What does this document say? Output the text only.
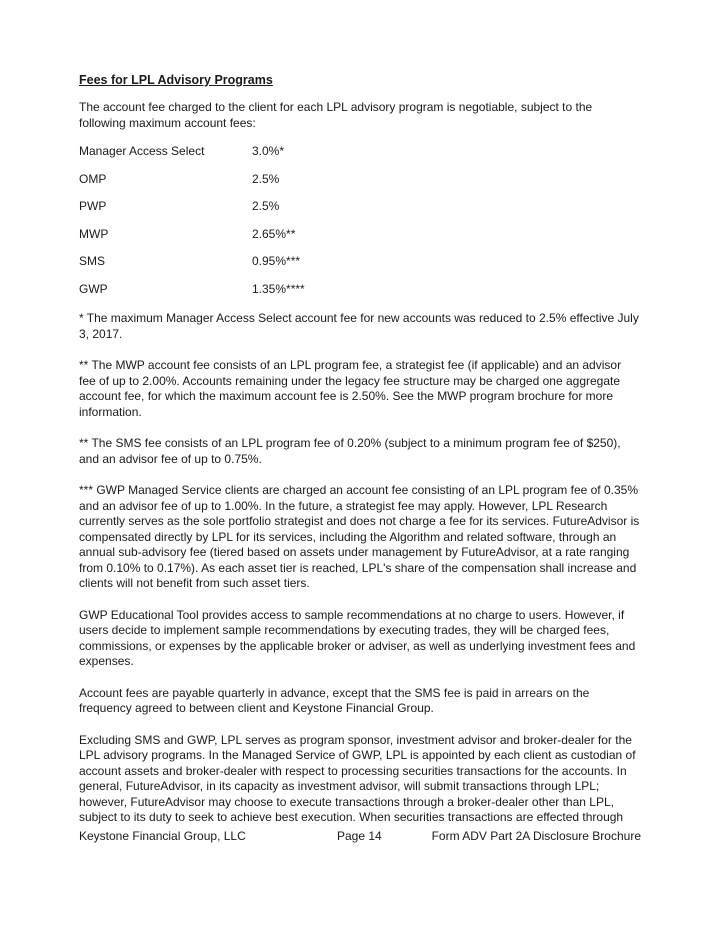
Fees for LPL Advisory Programs

The account fee charged to the client for each LPL advisory program is negotiable, subject to the following maximum account fees:

Manager Access Select	3.0%*
OMP	2.5%
PWP	2.5%
MWP	2.65%**
SMS	0.95%***
GWP	1.35%****

* The maximum Manager Access Select account fee for new accounts was reduced to 2.5% effective July 3, 2017.

** The MWP account fee consists of an LPL program fee, a strategist fee (if applicable) and an advisor fee of up to 2.00%. Accounts remaining under the legacy fee structure may be charged one aggregate account fee, for which the maximum account fee is 2.50%. See the MWP program brochure for more information.

** The SMS fee consists of an LPL program fee of 0.20% (subject to a minimum program fee of $250), and an advisor fee of up to 0.75%.

*** GWP Managed Service clients are charged an account fee consisting of an LPL program fee of 0.35% and an advisor fee of up to 1.00%. In the future, a strategist fee may apply. However, LPL Research currently serves as the sole portfolio strategist and does not charge a fee for its services. FutureAdvisor is compensated directly by LPL for its services, including the Algorithm and related software, through an annual sub-advisory fee (tiered based on assets under management by FutureAdvisor, at a rate ranging from 0.10% to 0.17%). As each asset tier is reached, LPL's share of the compensation shall increase and clients will not benefit from such asset tiers.

GWP Educational Tool provides access to sample recommendations at no charge to users. However, if users decide to implement sample recommendations by executing trades, they will be charged fees, commissions, or expenses by the applicable broker or adviser, as well as underlying investment fees and expenses.

Account fees are payable quarterly in advance, except that the SMS fee is paid in arrears on the frequency agreed to between client and Keystone Financial Group.

Excluding SMS and GWP, LPL serves as program sponsor, investment advisor and broker-dealer for the LPL advisory programs. In the Managed Service of GWP, LPL is appointed by each client as custodian of account assets and broker-dealer with respect to processing securities transactions for the accounts. In general, FutureAdvisor, in its capacity as investment advisor, will submit transactions through LPL; however, FutureAdvisor may choose to execute transactions through a broker-dealer other than LPL, subject to its duty to seek to achieve best execution. When securities transactions are effected through

Keystone Financial Group, LLC	Page 14	Form ADV Part 2A Disclosure Brochure
